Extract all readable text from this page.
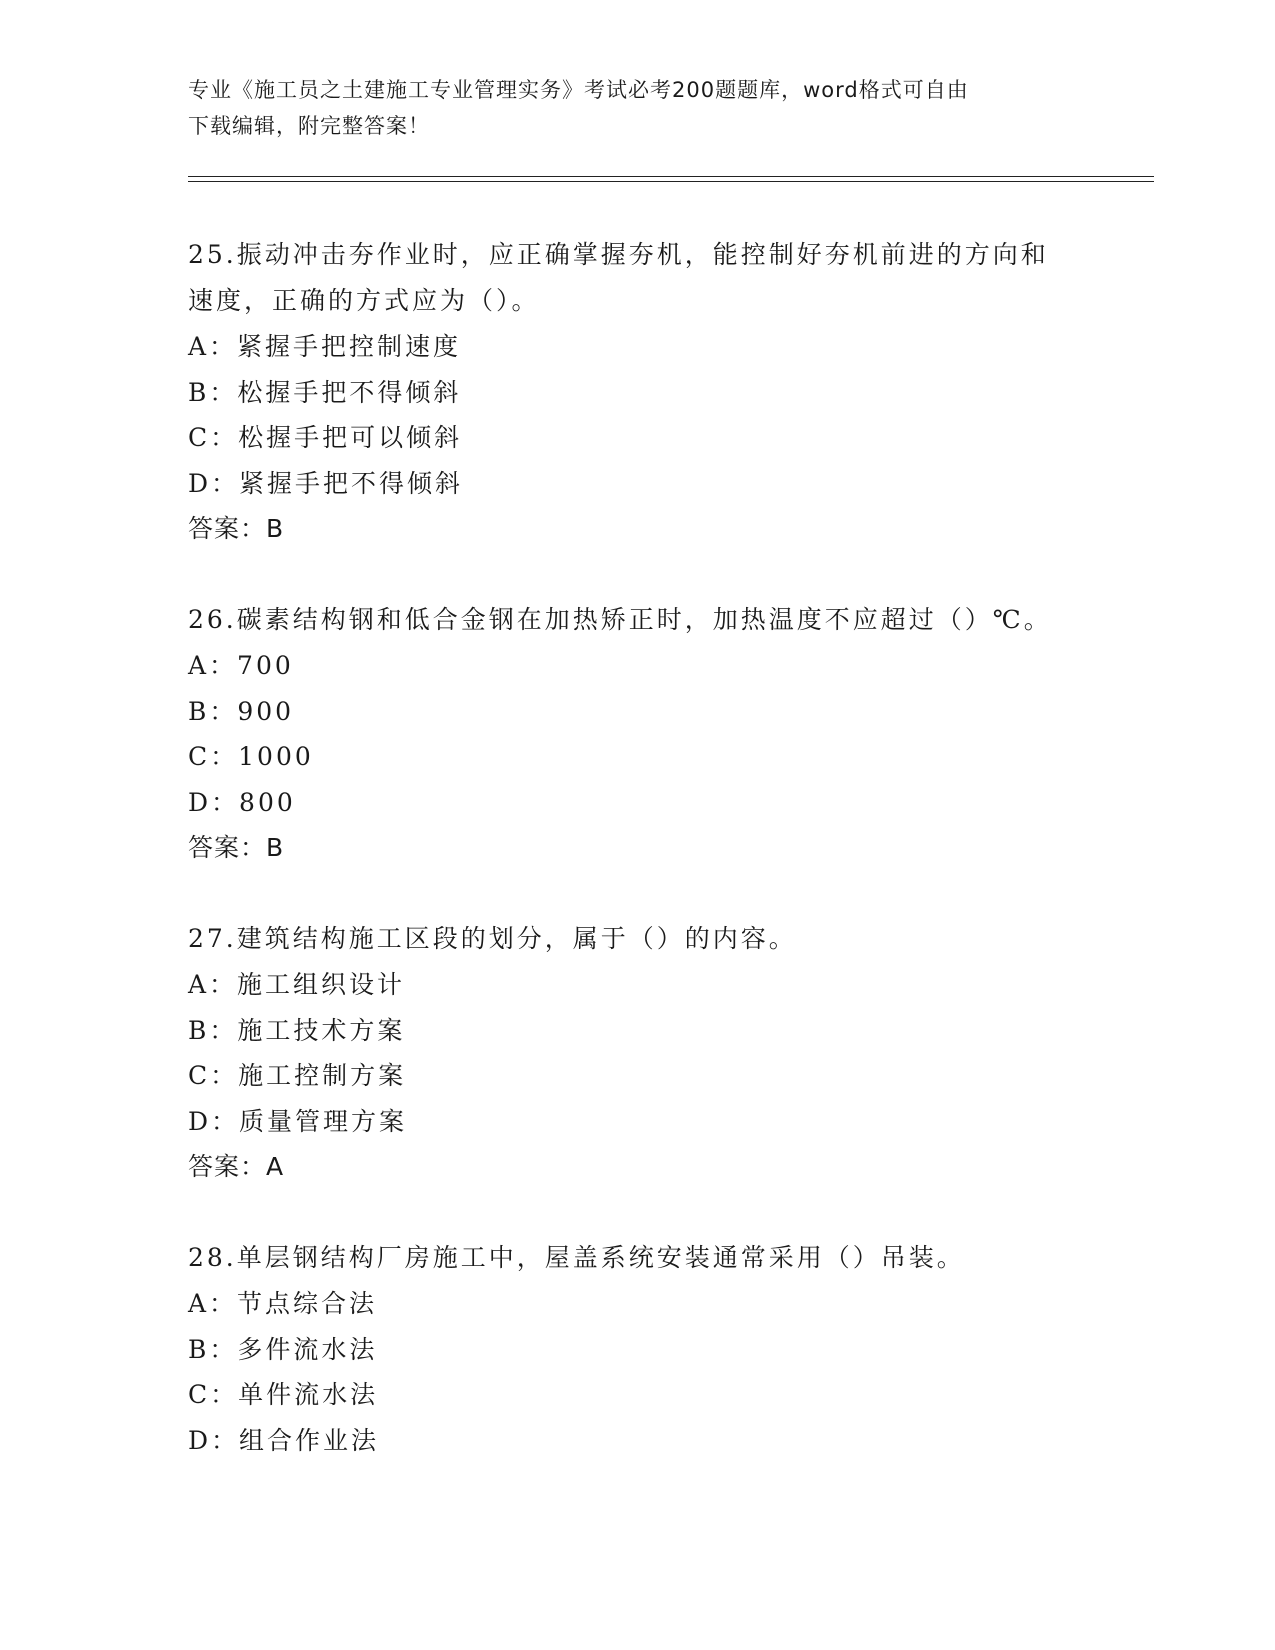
专业《施工员之土建施工专业管理实务》考试必考200题题库，word格式可自由
下载编辑，附完整答案！
25.振动冲击夯作业时，应正确掌握夯机，能控制好夯机前进的方向和
速度，正确的方式应为（）。
A：紧握手把控制速度
B：松握手把不得倾斜
C：松握手把可以倾斜
D：紧握手把不得倾斜
答案：B
26.碳素结构钢和低合金钢在加热矫正时，加热温度不应超过（）℃。
A：700
B：900
C：1000
D：800
答案：B
27.建筑结构施工区段的划分，属于（）的内容。
A：施工组织设计
B：施工技术方案
C：施工控制方案
D：质量管理方案
答案：A
28.单层钢结构厂房施工中，屋盖系统安装通常采用（）吊装。
A：节点综合法
B：多件流水法
C：单件流水法
D：组合作业法
